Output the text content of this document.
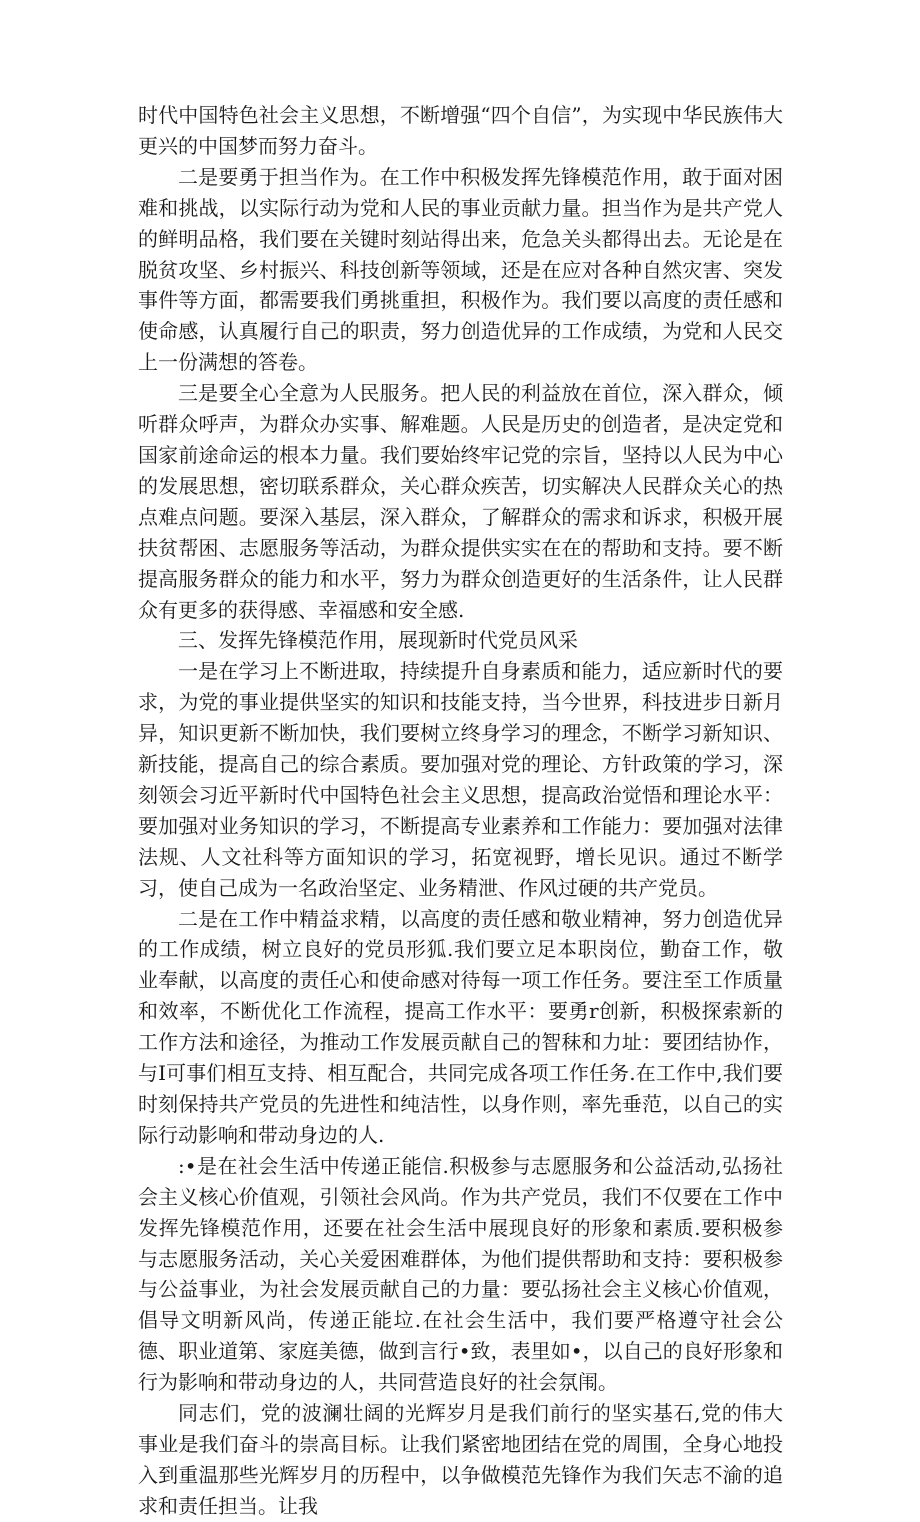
时代中国特色社会主义思想，不断增强“四个自信”，为实现中华民族伟大更兴的中国梦而努力奋斗。

二是要勇于担当作为。在工作中积极发挥先锋模范作用，敢于面对困难和挑战，以实际行动为党和人民的事业贡献力量。担当作为是共产党人的鲜明品格，我们要在关键时刻站得出来，危急关头都得出去。无论是在脱贫攻坚、乡村振兴、科技创新等领域，还是在应对各种自然灾害、突发事件等方面，都需要我们勇挑重担，积极作为。我们要以高度的责任感和使命感，认真履行自己的职责，努力创造优异的工作成绩，为党和人民交上一份满想的答卷。

三是要全心全意为人民服务。把人民的利益放在首位，深入群众，倾听群众呼声，为群众办实事、解难题。人民是历史的创造者，是决定党和国家前途命运的根本力量。我们要始终牢记党的宗旨，坚持以人民为中心的发展思想，密切联系群众，关心群众疾苦，切实解决人民群众关心的热点难点问题。要深入基层，深入群众，了解群众的需求和诉求，积极开展扶贫帮困、志愿服务等活动，为群众提供实实在在的帮助和支持。要不断提高服务群众的能力和水平，努力为群众创造更好的生活条件，让人民群众有更多的获得感、幸福感和安全感.

三、发挥先锋模范作用，展现新时代党员风采

一是在学习上不断进取，持续提升自身素质和能力，适应新时代的要求，为党的事业提供坚实的知识和技能支持，当今世界，科技进步日新月异，知识更新不断加快，我们要树立终身学习的理念，不断学习新知识、新技能，提高自己的综合素质。要加强对党的理论、方针政策的学习，深刻领会习近平新时代中国特色社会主义思想，提高政治觉悟和理论水平：要加强对业务知识的学习，不断提高专业素养和工作能力：要加强对法律法规、人文社科等方面知识的学习，拓宽视野，增长见识。通过不断学习，使自己成为一名政治坚定、业务精泄、作风过硬的共产党员。

二是在工作中精益求精，以高度的责任感和敬业精神，努力创造优异的工作成绩，树立良好的党员形狐.我们要立足本职岗位，勤奋工作，敬业奉献，以高度的责任心和使命感对待每一项工作任务。要注至工作质量和效率，不断优化工作流程，提高工作水平：要勇r创新，积极探索新的工作方法和途径，为推动工作发展贡献自己的智秣和力址：要团结协作，与I可事们相互支持、相互配合，共同完成各项工作任务.在工作中,我们要时刻保持共产党员的先进性和纯洁性，以身作则，率先垂范，以自己的实际行动影响和带动身边的人.

:•是在社会生活中传递正能信.积极参与志愿服务和公益活动,弘扬社会主义核心价值观，引领社会风尚。作为共产党员，我们不仅要在工作中发挥先锋模范作用，还要在社会生活中展现良好的形象和素质.要积极参与志愿服务活动，关心关爱困难群体，为他们提供帮助和支持：要积极参与公益事业，为社会发展贡献自己的力量：要弘扬社会主义核心价值观，倡导文明新风尚，传递正能垃.在社会生活中，我们要严格遵守社会公德、职业道第、家庭美德，做到言行•致，表里如•，以自己的良好形象和行为影响和带动身边的人，共同营造良好的社会氛闱。

同志们，党的波澜壮阔的光辉岁月是我们前行的坚实基石,党的伟大事业是我们奋斗的崇高目标。让我们紧密地团结在党的周围，全身心地投入到重温那些光辉岁月的历程中，以争做模范先锋作为我们矢志不渝的追求和责任担当。让我
